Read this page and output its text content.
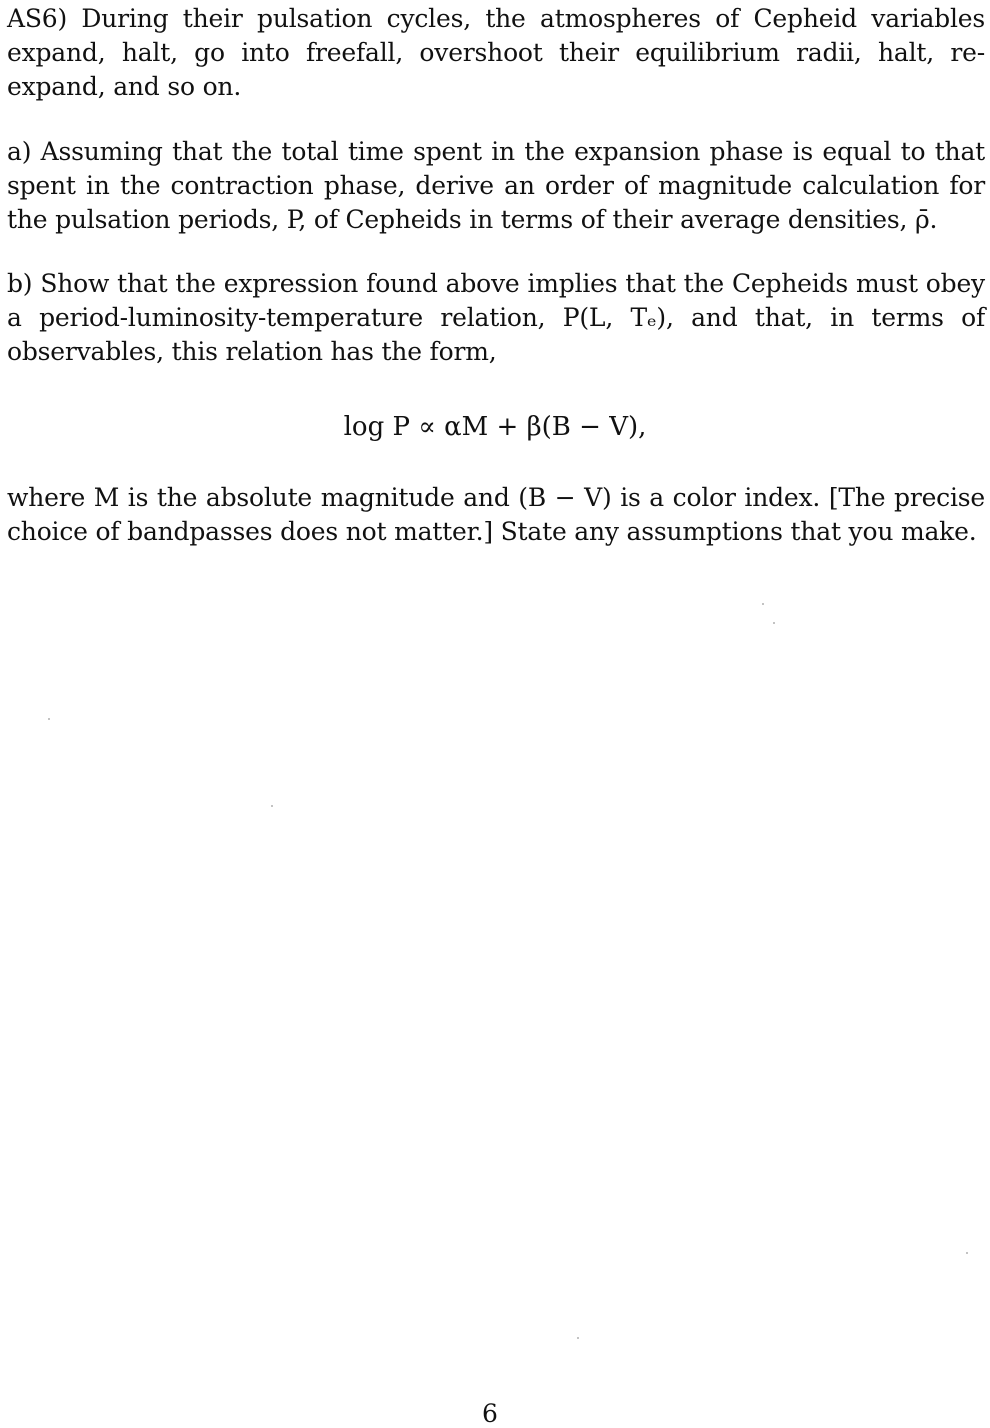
AS6) During their pulsation cycles, the atmospheres of Cepheid variables expand, halt, go into freefall, overshoot their equilibrium radii, halt, re-expand, and so on.

a) Assuming that the total time spent in the expansion phase is equal to that spent in the contraction phase, derive an order of magnitude calculation for the pulsation periods, P, of Cepheids in terms of their average densities, ρ̄.

b) Show that the expression found above implies that the Cepheids must obey a period-luminosity-temperature relation, P(L, Tₑ), and that, in terms of observables, this relation has the form,

where M is the absolute magnitude and (B − V) is a color index. [The precise choice of bandpasses does not matter.] State any assumptions that you make.

log P ∝ αM + β(B − V),
6
